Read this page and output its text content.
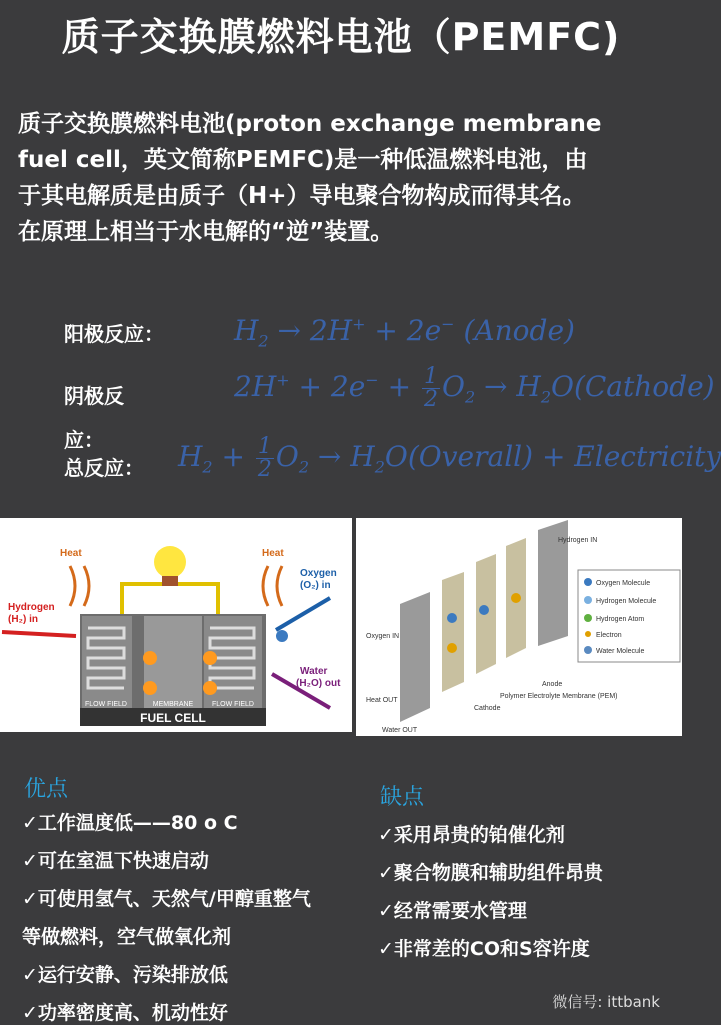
质子交换膜燃料电池（PEMFC)
质子交换膜燃料电池(proton exchange membrane
fuel cell，英文简称PEMFC)是一种低温燃料电池，由
于其电解质是由质子（H+）导电聚合物构成而得其名。
在原理上相当于水电解的“逆”装置。
阳极反应：	$H_2 \to 2H^+ + 2e^-$ (Anode)
阴极反
应：
$2H^+ + 2e^- + \frac{1}{2} O_2$ → $H_2O(Cathode)$
总反应： $H_2 + \frac{1}{2} O_2$ → $H_2O(Overall)$ + Electricity
FUEL CELL
FLOW FIELD	MEMBRANE	FLOW FIELD
Heat	Heat
Oxygen
(O₂) in
Hydrogen
(H₂) in
Water
(H₂O) out
Hydrogen IN
Oxygen IN
Heat OUT
Water OUT
Anode
Polymer Electrolyte Membrane (PEM)
Cathode
Oxygen Molecule
Hydrogen Molecule
Hydrogen Atom
Electron
Water Molecule
优点
✓工作温度低——80 o C
✓可在室温下快速启动
✓可使用氢气、天然气/甲醇重整气
等做燃料，空气做氧化剂
✓运行安静、污染排放低
✓功率密度高、机动性好
缺点
✓采用昂贵的铂催化剂
✓聚合物膜和辅助组件昂贵
✓经常需要水管理
✓非常差的CO和S容许度
微信号: ittbank
